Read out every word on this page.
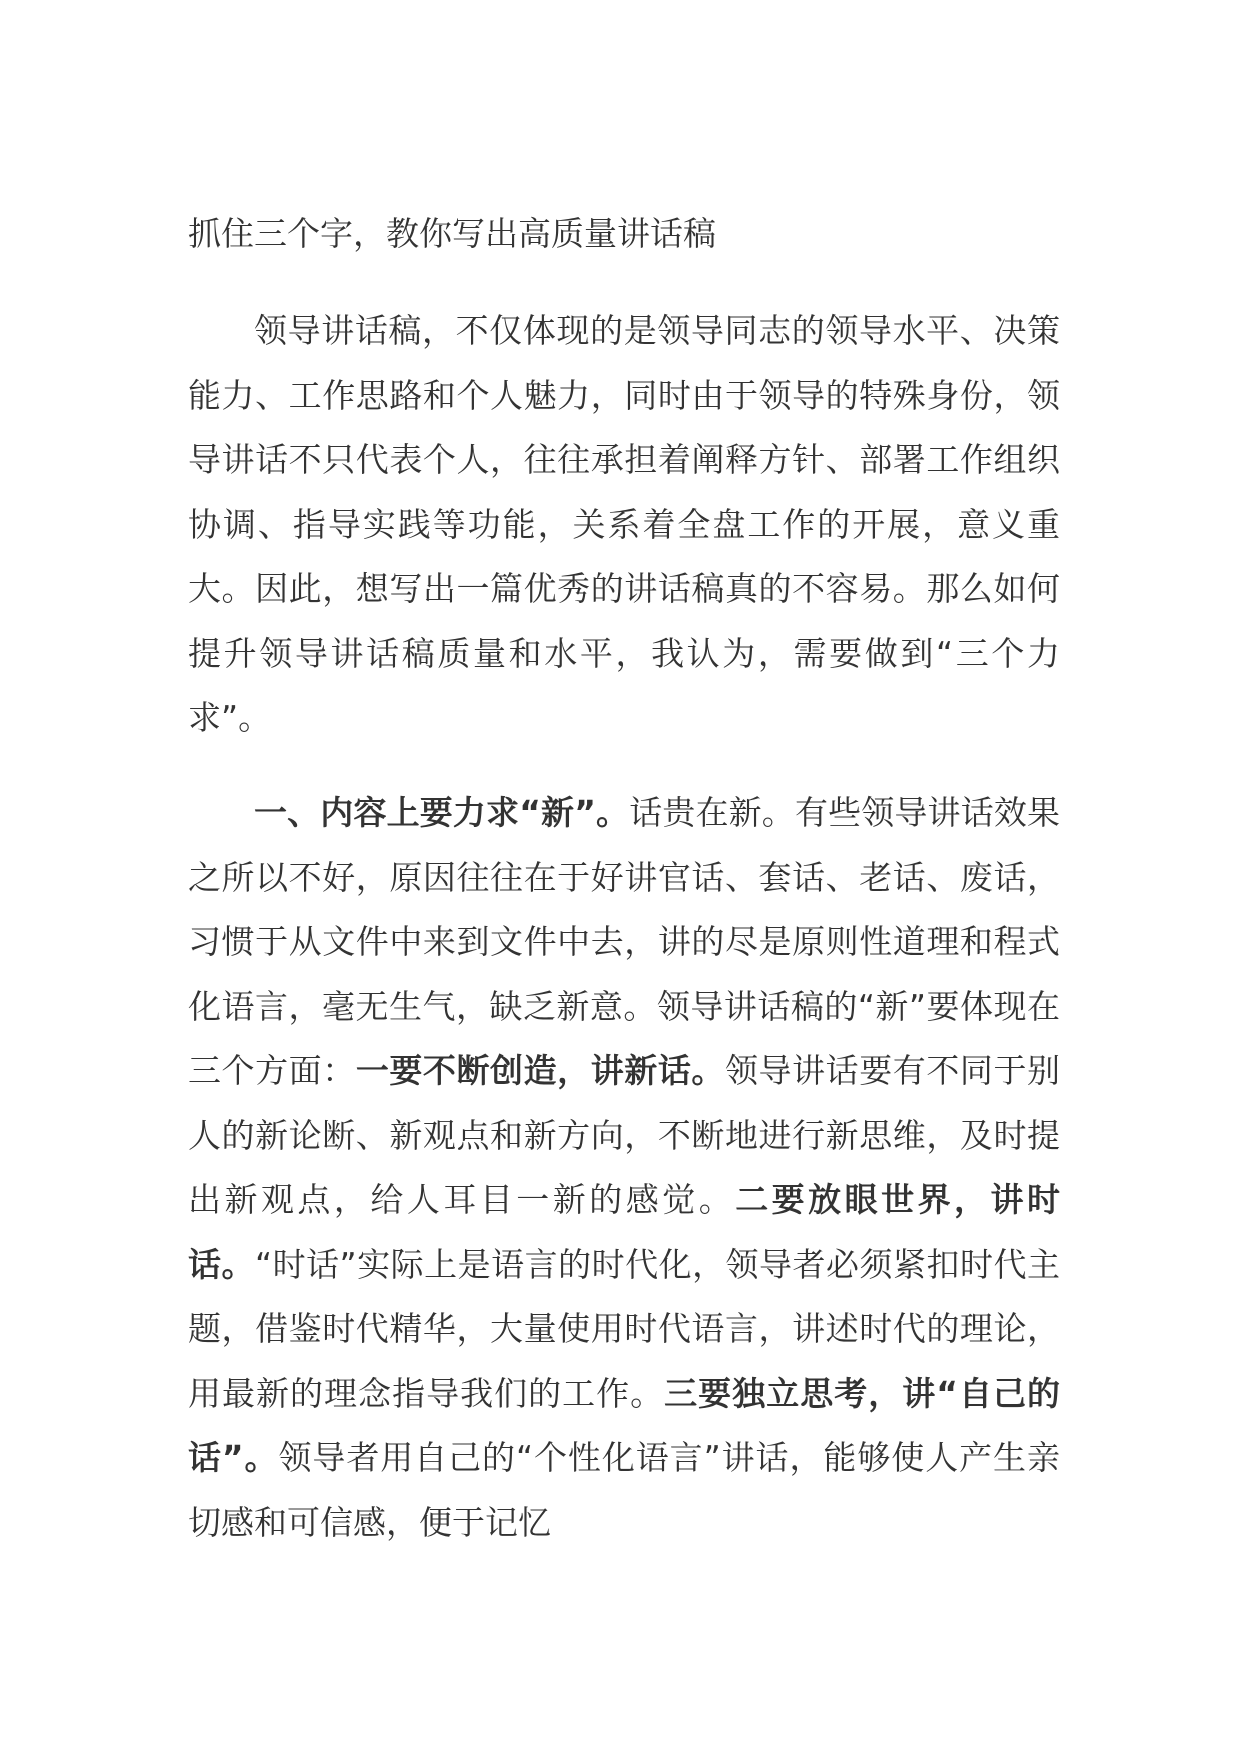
抓住三个字，教你写出高质量讲话稿

领导讲话稿，不仅体现的是领导同志的领导水平、决策能力、工作思路和个人魅力，同时由于领导的特殊身份，领导讲话不只代表个人，往往承担着阐释方针、部署工作组织协调、指导实践等功能，关系着全盘工作的开展，意义重大。因此，想写出一篇优秀的讲话稿真的不容易。那么如何提升领导讲话稿质量和水平，我认为，需要做到“三个力求”。

一、内容上要力求“新”。话贵在新。有些领导讲话效果之所以不好，原因往往在于好讲官话、套话、老话、废话，习惯于从文件中来到文件中去，讲的尽是原则性道理和程式化语言，毫无生气，缺乏新意。领导讲话稿的“新”要体现在三个方面：一要不断创造，讲新话。领导讲话要有不同于别人的新论断、新观点和新方向，不断地进行新思维，及时提出新观点，给人耳目一新的感觉。二要放眼世界，讲时话。“时话”实际上是语言的时代化，领导者必须紧扣时代主题，借鉴时代精华，大量使用时代语言，讲述时代的理论，用最新的理念指导我们的工作。三要独立思考，讲“自己的话”。领导者用自己的“个性化语言”讲话，能够使人产生亲切感和可信感，便于记忆
